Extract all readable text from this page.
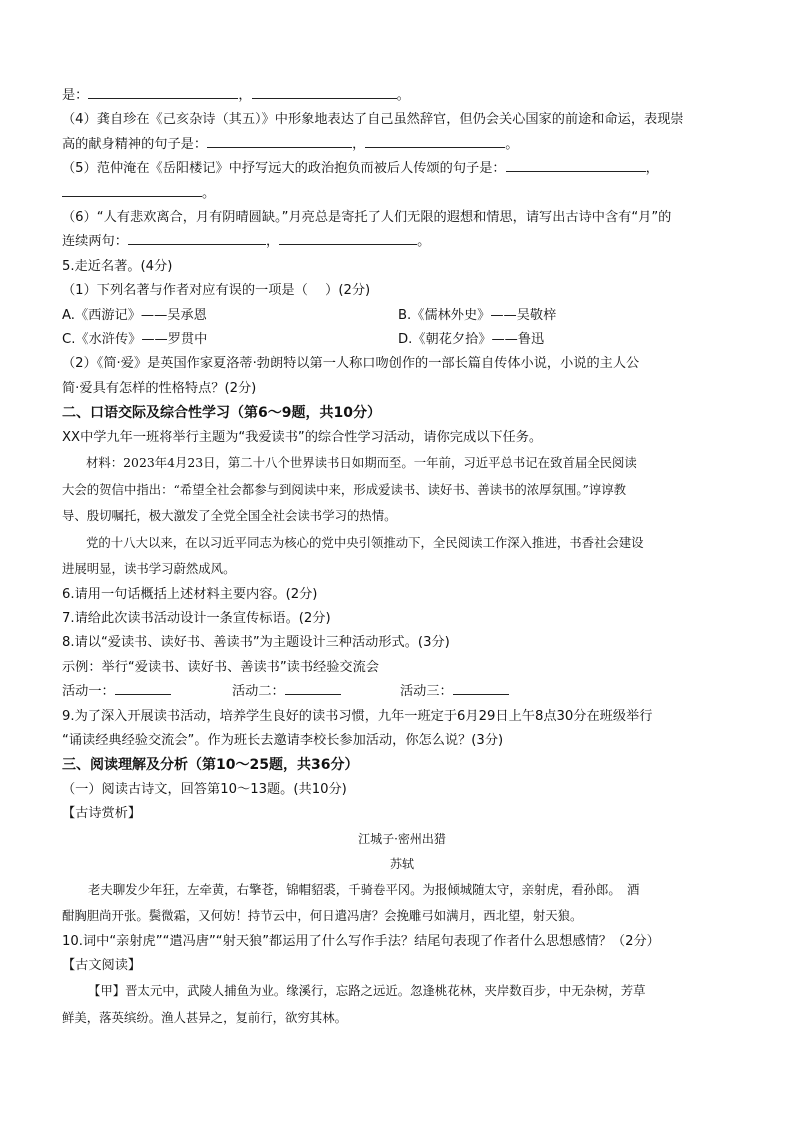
是：	，	。
（4）龚自珍在《己亥杂诗（其五）》中形象地表达了自己虽然辞官，但仍会关心国家的前途和命运，表现崇
高的献身精神的句子是：	，	。
（5）范仲淹在《岳阳楼记》中抒写远大的政治抱负而被后人传颂的句子是：	，
。
（6）“人有悲欢离合，月有阴晴圆缺。”月亮总是寄托了人们无限的遐想和情思，请写出古诗中含有“月”的
连续两句：	，	。
5.走近名著。(4分)
（1）下列名著与作者对应有误的一项是（　 ）(2分)
A.《西游记》——吴承恩	B.《儒林外史》——吴敬梓
C.《水浒传》——罗贯中	D.《朝花夕拾》——鲁迅
（2）《简·爱》是英国作家夏洛蒂·勃朗特以第一人称口吻创作的一部长篇自传体小说，小说的主人公
简·爱具有怎样的性格特点？(2分)
二、口语交际及综合性学习（第6～9题，共10分）
XX中学九年一班将举行主题为“我爱读书”的综合性学习活动，请你完成以下任务。
材料：2023年4月23日，第二十八个世界读书日如期而至。一年前，习近平总书记在致首届全民阅读
大会的贺信中指出：“希望全社会都参与到阅读中来，形成爱读书、读好书、善读书的浓厚氛围。”谆谆教
导、殷切嘱托，极大激发了全党全国全社会读书学习的热情。
党的十八大以来，在以习近平同志为核心的党中央引领推动下，全民阅读工作深入推进，书香社会建设
进展明显，读书学习蔚然成风。
6.请用一句话概括上述材料主要内容。(2分)
7.请给此次读书活动设计一条宣传标语。(2分)
8.请以“爱读书、读好书、善读书”为主题设计三种活动形式。(3分)
示例：举行“爱读书、读好书、善读书”读书经验交流会
活动一：	活动二：	活动三：
9.为了深入开展读书活动，培养学生良好的读书习惯，九年一班定于6月29日上午8点30分在班级举行
“诵读经典经验交流会”。作为班长去邀请李校长参加活动，你怎么说？(3分)
三、阅读理解及分析（第10～25题，共36分）
（一）阅读古诗文，回答第10～13题。(共10分)
【古诗赏析】
江城子·密州出猎
苏轼
老夫聊发少年狂，左牵黄，右擎苍，锦帽貂裘，千骑卷平冈。为报倾城随太守，亲射虎，看孙郎。　酒
酣胸胆尚开张。鬓微霜，又何妨！持节云中，何日遣冯唐？会挽雕弓如满月，西北望，射天狼。
10.词中“亲射虎”“遣冯唐”“射天狼”都运用了什么写作手法？结尾句表现了作者什么思想感情？（2分）
【古文阅读】
【甲】晋太元中，武陵人捕鱼为业。缘溪行，忘路之远近。忽逢桃花林，夹岸数百步，中无杂树，芳草
鲜美，落英缤纷。渔人甚异之，复前行，欲穷其林。
